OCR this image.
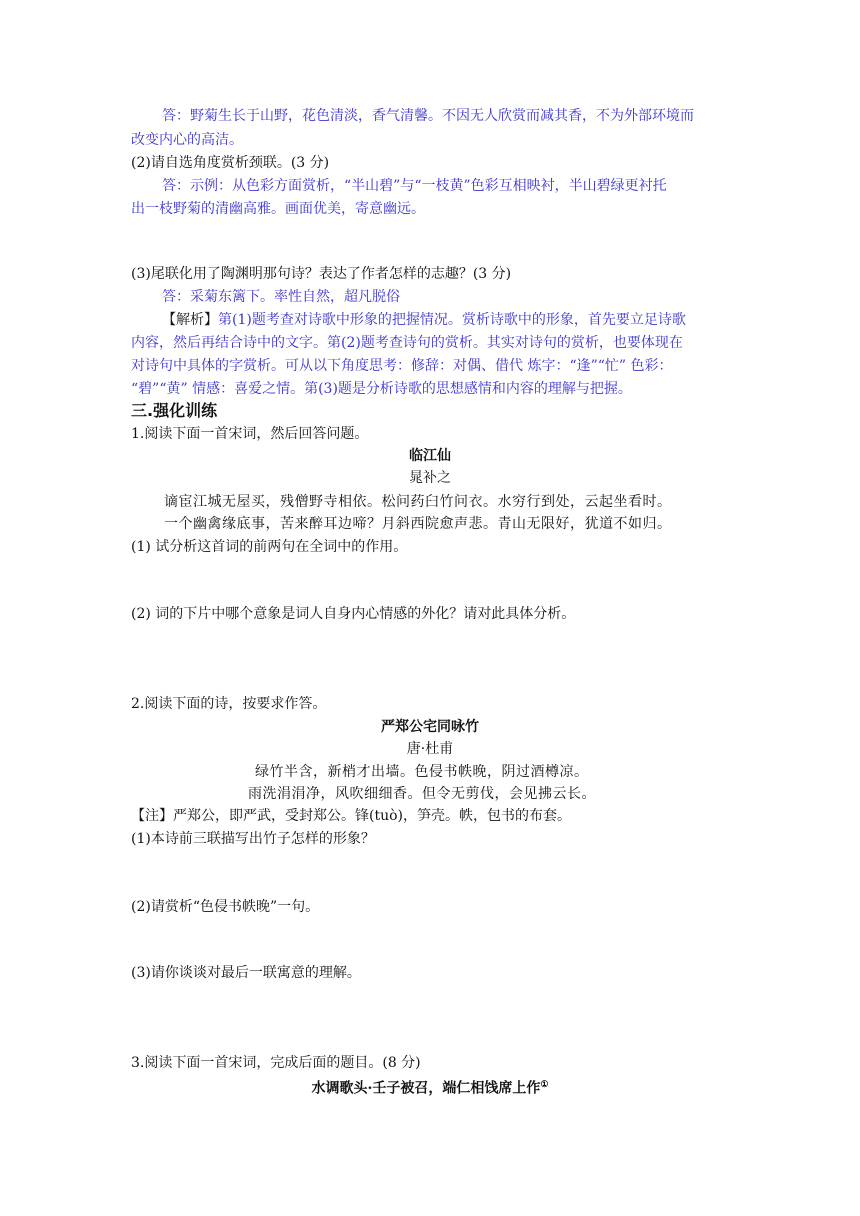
答：野菊生长于山野，花色清淡，香气清馨。不因无人欣赏而减其香，不为外部环境而
改变内心的高洁。
(2)请自选角度赏析颈联。(3 分)
答：示例：从色彩方面赏析，“半山碧”与“一枝黄”色彩互相映衬，半山碧绿更衬托
出一枝野菊的清幽高雅。画面优美，寄意幽远。
(3)尾联化用了陶渊明那句诗？表达了作者怎样的志趣？(3 分)
答：采菊东篱下。率性自然，超凡脱俗
【解析】第(1)题考查对诗歌中形象的把握情况。赏析诗歌中的形象，首先要立足诗歌
内容，然后再结合诗中的文字。第(2)题考查诗句的赏析。其实对诗句的赏析，也要体现在
对诗句中具体的字赏析。可从以下角度思考：修辞：对偶、借代 炼字：“逢”“忙” 色彩：
“碧”“黄” 情感：喜爱之情。第(3)题是分析诗歌的思想感情和内容的理解与把握。
三.强化训练
1.阅读下面一首宋词，然后回答问题。
临江仙
晁补之
谪宦江城无屋买，残僧野寺相依。松问药臼竹问衣。水穷行到处，云起坐看时。
一个幽禽缘底事，苦来醉耳边啼？月斜西院愈声悲。青山无限好，犹道不如归。
(1) 试分析这首词的前两句在全词中的作用。
(2) 词的下片中哪个意象是词人自身内心情感的外化？请对此具体分析。
2.阅读下面的诗，按要求作答。
严郑公宅同咏竹
唐·杜甫
绿竹半含，新梢才出墙。色侵书帙晚，阴过酒樽凉。
雨洗涓涓净，风吹细细香。但令无剪伐，会见拂云长。
【注】严郑公，即严武，受封郑公。锋(tuò)，笋壳。帙，包书的布套。
(1)本诗前三联描写出竹子怎样的形象？
(2)请赏析“色侵书帙晚”一句。
(3)请你谈谈对最后一联寓意的理解。
3.阅读下面一首宋词，完成后面的题目。(8 分)
水调歌头·壬子被召，端仁相饯席上作①
